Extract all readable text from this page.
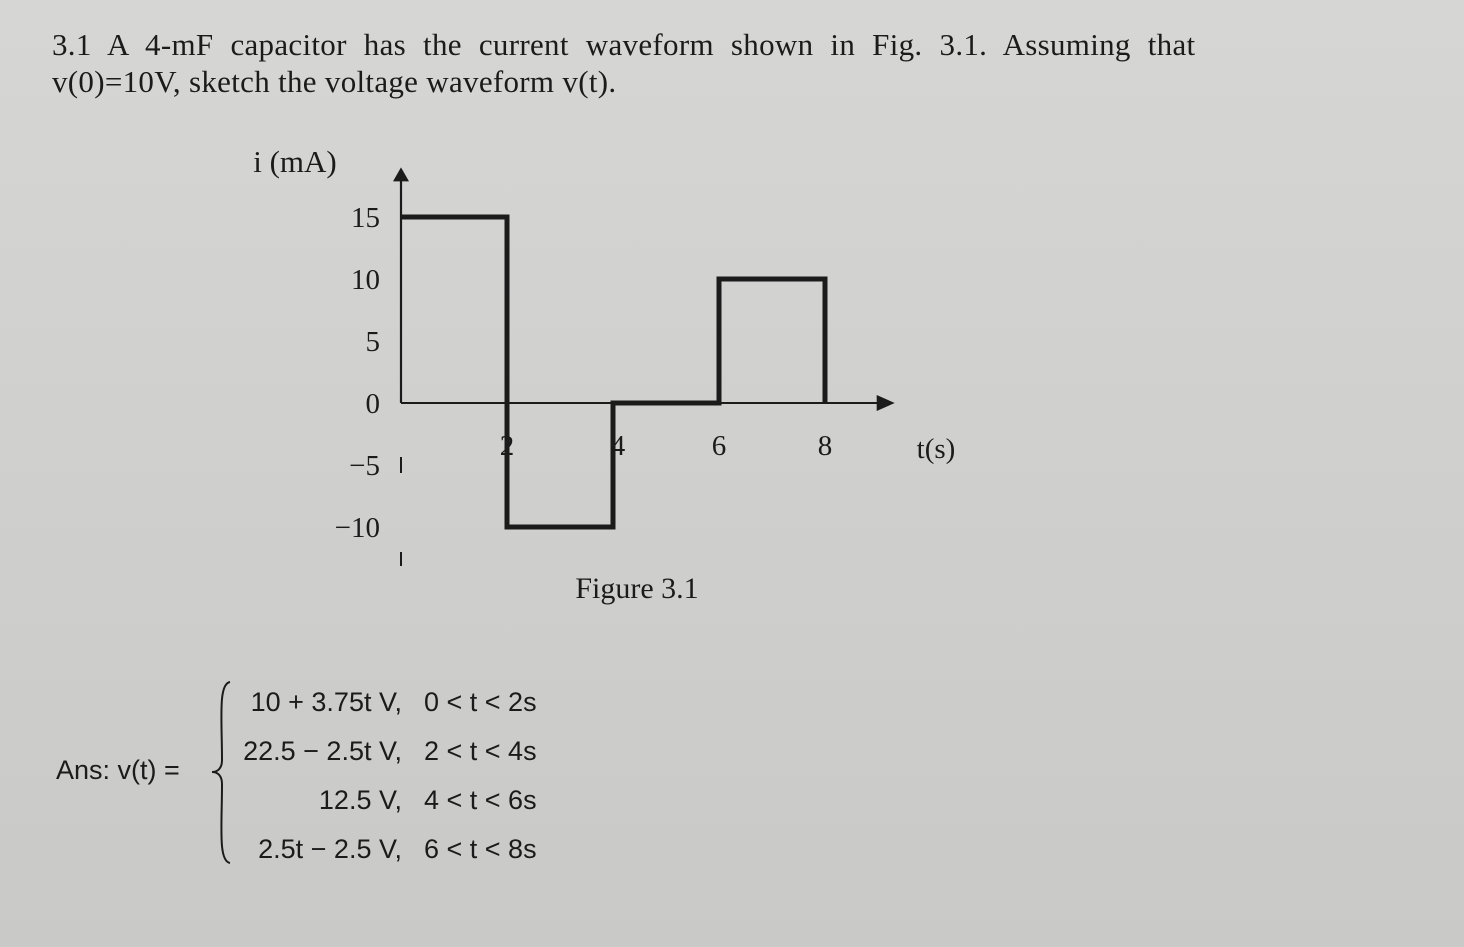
3.1 A 4-mF capacitor has the current waveform shown in Fig. 3.1. Assuming that
v(0)=10V, sketch the voltage waveform v(t).
15
10
5
0
−5
−10
2	4	6	8
i (mA)
t(s)
Figure 3.1
Ans: v(t) =
10 + 3.75t V, 0 < t < 2s
22.5 − 2.5t V, 2 < t < 4s
12.5 V, 4 < t < 6s
2.5t − 2.5 V, 6 < t < 8s
